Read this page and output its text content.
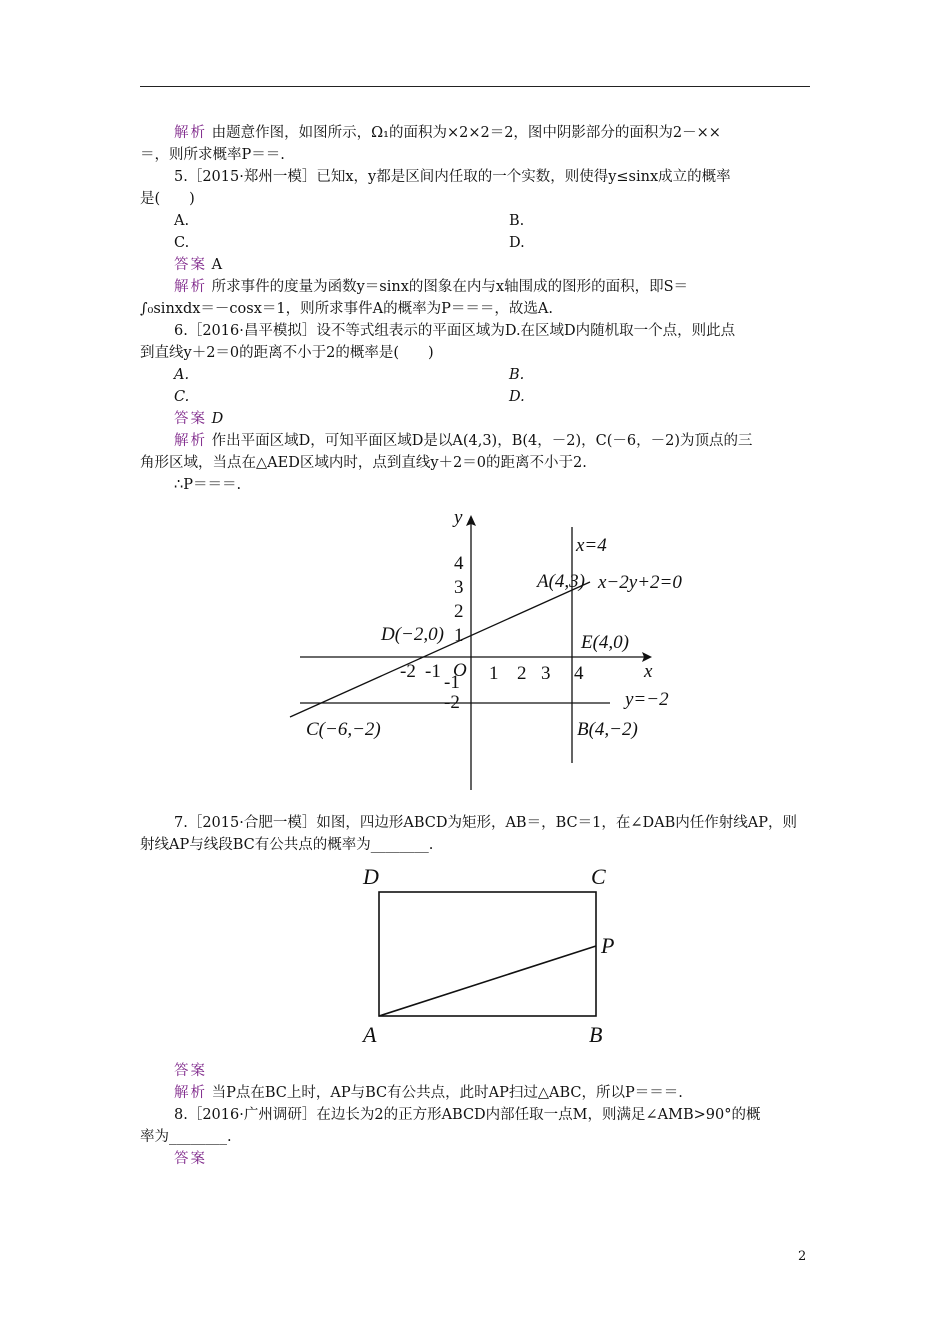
解析 由题意作图，如图所示，Ω₁的面积为×2×2＝2，图中阴影部分的面积为2－××
＝，则所求概率P＝＝.
5.［2015·郑州一模］已知x，y都是区间内任取的一个实数，则使得y≤sinx成立的概率
是(　　)
A.	B.
C.	D.
答案 A
解析 所求事件的度量为函数y＝sinx的图象在内与x轴围成的图形的面积，即S＝
∫₀sinxdx＝－cosx＝1，则所求事件A的概率为P＝＝＝，故选A.
6.［2016·昌平模拟］设不等式组表示的平面区域为D.在区域D内随机取一个点，则此点
到直线y＋2＝0的距离不小于2的概率是(　　)
A.	B.
C.	D.
答案 D
解析 作出平面区域D，可知平面区域D是以A(4,3)，B(4，－2)，C(－6，－2)为顶点的三
角形区域，当点在△AED区域内时，点到直线y＋2＝0的距离不小于2.
∴P＝＝＝.
y
x
O
4
3
2
1
-1
-2
-2 -1	1 2 3 4
x=4
x−2y+2=0
y=−2
A(4,3)
B(4,−2)
C(−6,−2)
D(−2,0)	E(4,0)
7.［2015·合肥一模］如图，四边形ABCD为矩形，AB＝，BC＝1，在∠DAB内任作射线AP，则
射线AP与线段BC有公共点的概率为________.
D	C
P
A	B
答案
解析 当P点在BC上时，AP与BC有公共点，此时AP扫过△ABC，所以P＝＝＝.
8.［2016·广州调研］在边长为2的正方形ABCD内部任取一点M，则满足∠AMB>90°的概
率为________.
答案
2
